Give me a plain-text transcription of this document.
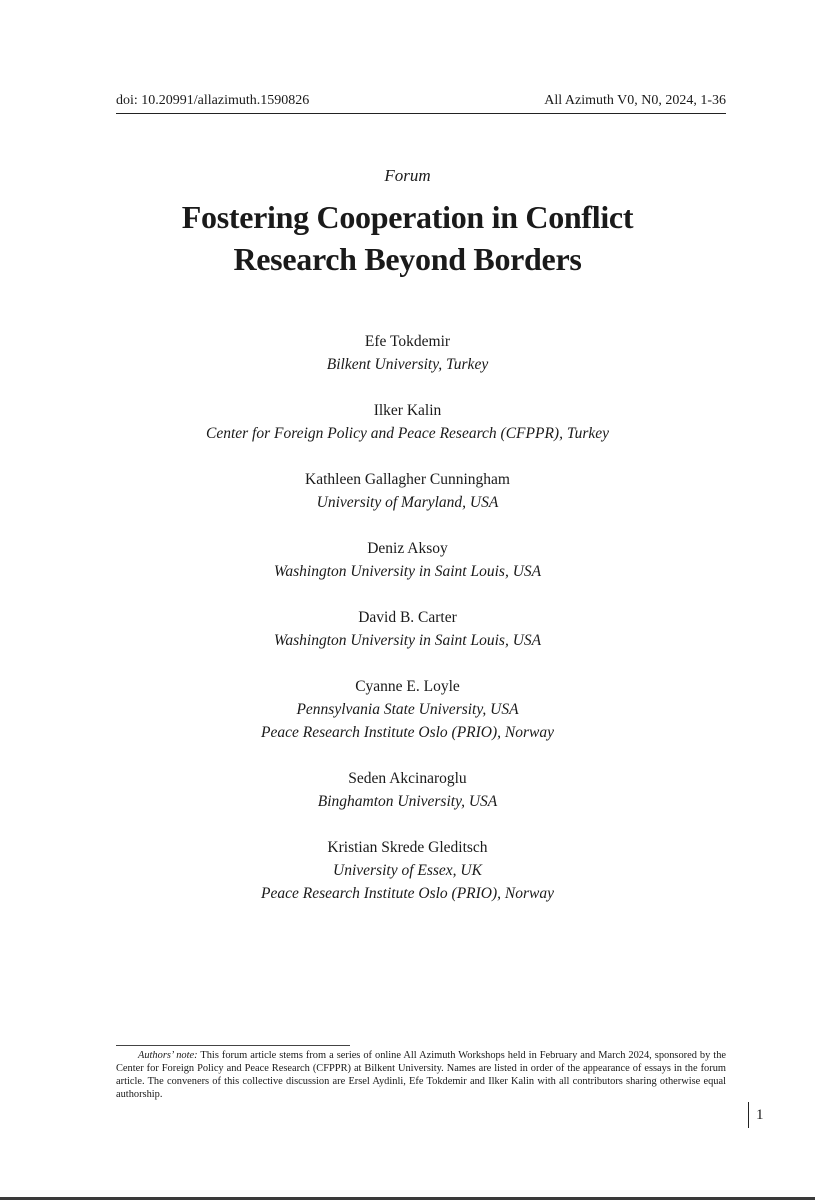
doi: 10.20991/allazimuth.1590826	All Azimuth V0, N0, 2024, 1-36
Forum
Fostering Cooperation in Conflict
Research Beyond Borders
Efe Tokdemir
Bilkent University, Turkey
Ilker Kalin
Center for Foreign Policy and Peace Research (CFPPR), Turkey
Kathleen Gallagher Cunningham
University of Maryland, USA
Deniz Aksoy
Washington University in Saint Louis, USA
David B. Carter
Washington University in Saint Louis, USA
Cyanne E. Loyle
Pennsylvania State University, USA
Peace Research Institute Oslo (PRIO), Norway
Seden Akcinaroglu
Binghamton University, USA
Kristian Skrede Gleditsch
University of Essex, UK
Peace Research Institute Oslo (PRIO), Norway

Authors’ note: This forum article stems from a series of online All Azimuth Workshops held in February and March 2024, sponsored by the Center for Foreign Policy and Peace Research (CFPPR) at Bilkent University. Names are listed in order of the appearance of essays in the forum article. The conveners of this collective discussion are Ersel Aydinli, Efe Tokdemir and Ilker Kalin with all contributors sharing otherwise equal authorship.

1
